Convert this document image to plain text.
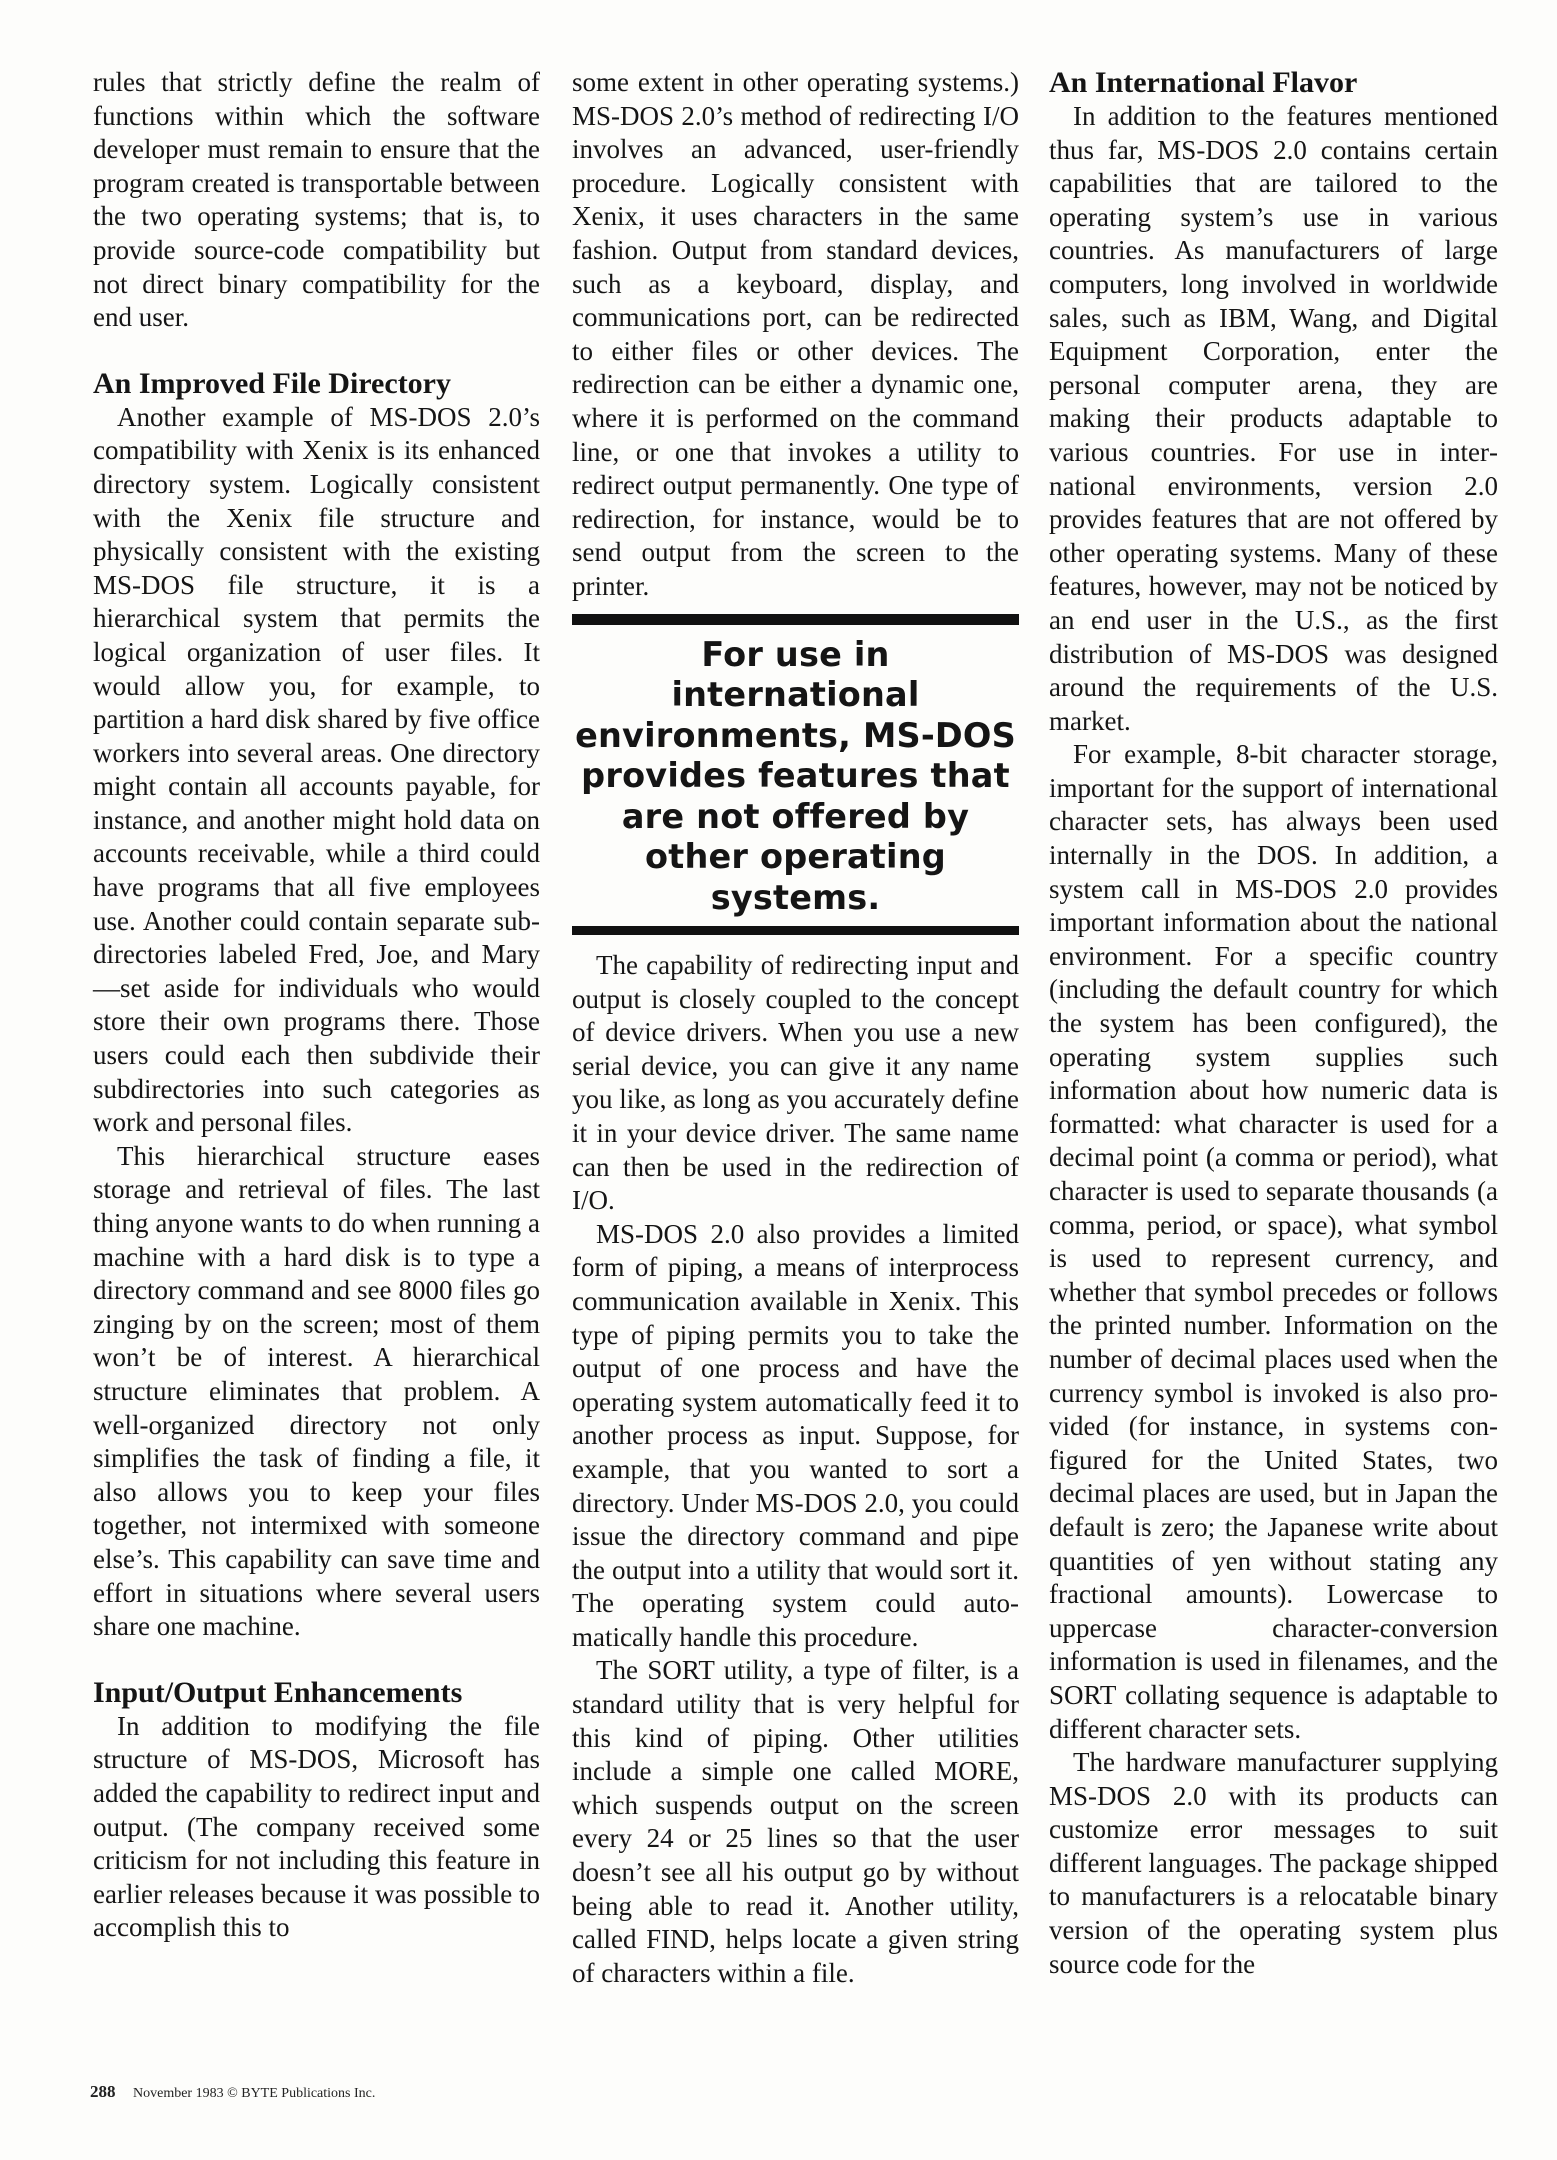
rules that strictly define the realm of functions within which the software developer must remain to ensure that the program created is transportable between the two operating systems; that is, to provide source-code compatibility but not direct binary compatibility for the end user.

An Improved File Directory

Another example of MS-DOS 2.0’s compatibility with Xenix is its enhanced directory system. Logically consistent with the Xenix file structure and physically consistent with the existing MS-DOS file structure, it is a hierarchical system that permits the logical organization of user files. It would allow you, for example, to partition a hard disk shared by five office workers into several areas. One directory might contain all accounts payable, for instance, and another might hold data on accounts receivable, while a third could have programs that all five employees use. Another could contain separate subdirectories labeled Fred, Joe, and Mary—set aside for individuals who would store their own programs there. Those users could each then subdivide their subdirectories into such categories as work and personal files.

This hierarchical structure eases storage and retrieval of files. The last thing anyone wants to do when running a machine with a hard disk is to type a directory command and see 8000 files go zinging by on the screen; most of them won’t be of interest. A hierarchical structure eliminates that problem. A well-organized directory not only simplifies the task of finding a file, it also allows you to keep your files together, not intermixed with someone else’s. This capability can save time and effort in situations where several users share one machine.

Input/Output Enhancements

In addition to modifying the file structure of MS-DOS, Microsoft has added the capability to redirect input and output. (The company received some criticism for not including this feature in earlier releases because it was possible to accomplish this to

some extent in other operating systems.) MS-DOS 2.0’s method of redirecting I/O involves an advanced, user-friendly procedure. Logically consistent with Xenix, it uses characters in the same fashion. Output from standard devices, such as a keyboard, display, and communications port, can be redirected to either files or other devices. The redirection can be either a dynamic one, where it is performed on the command line, or one that invokes a utility to redirect output permanently. One type of redirection, for instance, would be to send output from the screen to the printer.

For use in international environments, MS-DOS provides features that are not offered by other operating systems.

The capability of redirecting input and output is closely coupled to the concept of device drivers. When you use a new serial device, you can give it any name you like, as long as you accurately define it in your device driver. The same name can then be used in the redirection of I/O.

MS-DOS 2.0 also provides a limited form of piping, a means of interprocess communication available in Xenix. This type of piping permits you to take the output of one process and have the operating system automatically feed it to another process as input. Suppose, for example, that you wanted to sort a directory. Under MS-DOS 2.0, you could issue the directory command and pipe the output into a utility that would sort it. The operating system could automatically handle this procedure.

The SORT utility, a type of filter, is a standard utility that is very helpful for this kind of piping. Other utilities include a simple one called MORE, which suspends output on the screen every 24 or 25 lines so that the user doesn’t see all his output go by without being able to read it. Another utility, called FIND, helps locate a given string of characters within a file.

An International Flavor

In addition to the features mentioned thus far, MS-DOS 2.0 contains certain capabilities that are tailored to the operating system’s use in various countries. As manufacturers of large computers, long involved in worldwide sales, such as IBM, Wang, and Digital Equipment Corporation, enter the personal computer arena, they are making their products adaptable to various countries. For use in international environments, version 2.0 provides features that are not offered by other operating systems. Many of these features, however, may not be noticed by an end user in the U.S., as the first distribution of MS-DOS was designed around the requirements of the U.S. market.

For example, 8-bit character storage, important for the support of international character sets, has always been used internally in the DOS. In addition, a system call in MS-DOS 2.0 provides important information about the national environment. For a specific country (including the default country for which the system has been configured), the operating system supplies such information about how numeric data is formatted: what character is used for a decimal point (a comma or period), what character is used to separate thousands (a comma, period, or space), what symbol is used to represent currency, and whether that symbol precedes or follows the printed number. Information on the number of decimal places used when the currency symbol is invoked is also provided (for instance, in systems configured for the United States, two decimal places are used, but in Japan the default is zero; the Japanese write about quantities of yen without stating any fractional amounts). Lowercase to uppercase character-conversion information is used in filenames, and the SORT collating sequence is adaptable to different character sets.

The hardware manufacturer supplying MS-DOS 2.0 with its products can customize error messages to suit different languages. The package shipped to manufacturers is a relocatable binary version of the operating system plus source code for the

288 November 1983 © BYTE Publications Inc.
